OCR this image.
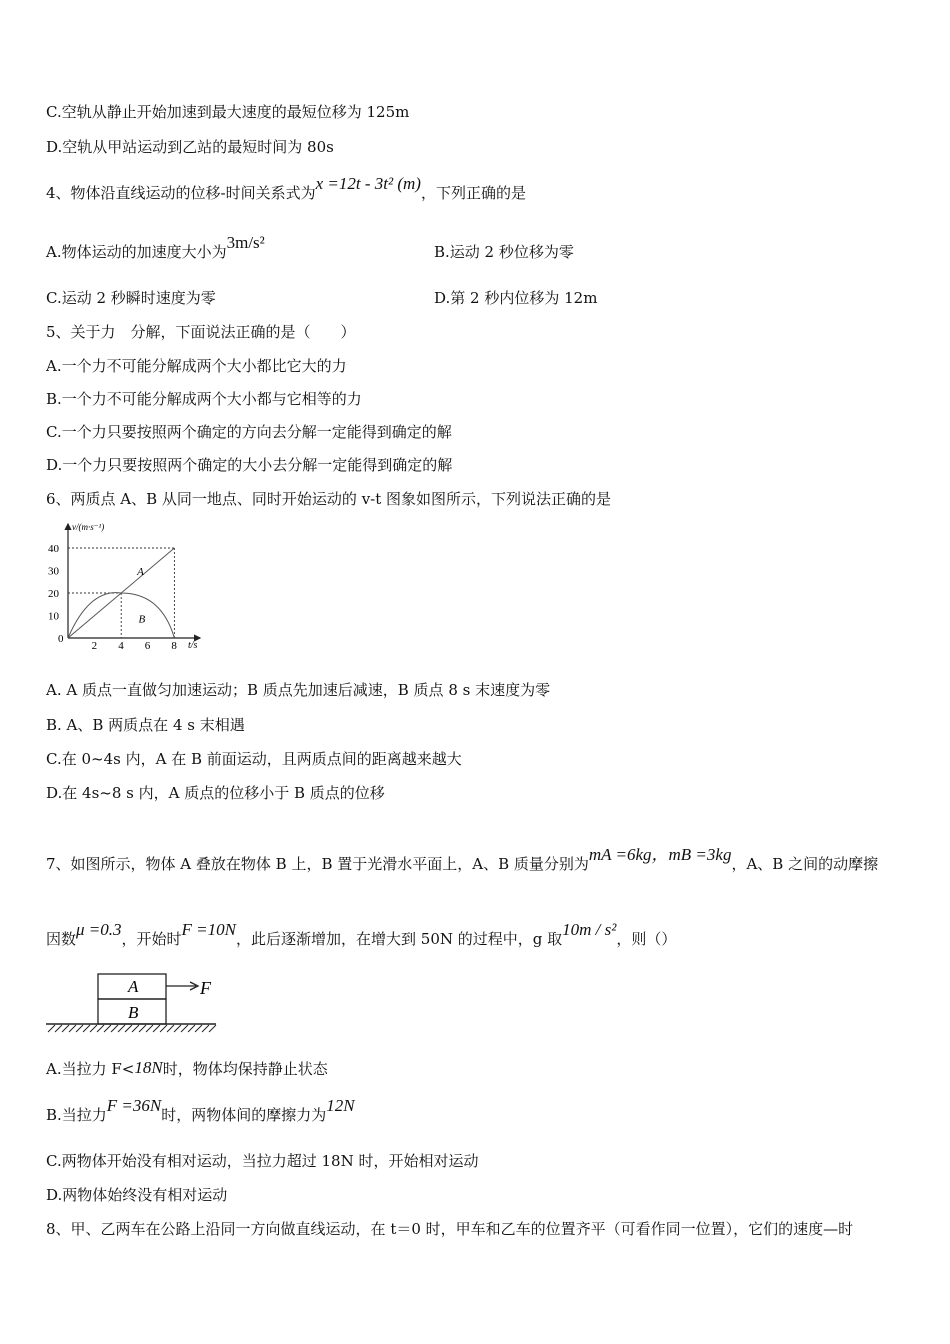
C.空轨从静止开始加速到最大速度的最短位移为 125m
D.空轨从甲站运动到乙站的最短时间为 80s
4、物体沿直线运动的位移-时间关系式为x =12t - 3t² (m)，下列正确的是
A.物体运动的加速度大小为3m/s²	B.运动 2 秒位移为零
C.运动 2 秒瞬时速度为零	D.第 2 秒内位移为 12m
5、关于力　分解，下面说法正确的是（　　）
A.一个力不可能分解成两个大小都比它大的力
B.一个力不可能分解成两个大小都与它相等的力
C.一个力只要按照两个确定的方向去分解一定能得到确定的解
D.一个力只要按照两个确定的大小去分解一定能得到确定的解
6、两质点 A、B 从同一地点、同时开始运动的 v-t 图象如图所示，下列说法正确的是
v/(m·s⁻¹)
t/s
10
20
30
40
0
2 4 6 8
A
B
A. A 质点一直做匀加速运动；B 质点先加速后减速，B 质点 8 s 末速度为零
B. A、B 两质点在 4 s 末相遇
C.在 0~4s 内，A 在 B 前面运动，且两质点间的距离越来越大
D.在 4s~8 s 内，A 质点的位移小于 B 质点的位移
7、如图所示，物体 A 叠放在物体 B 上，B 置于光滑水平面上，A、B 质量分别为mA =6kg，mB =3kg，A、B 之间的动摩擦
因数μ =0.3，开始时F =10N，此后逐渐增加，在增大到 50N 的过程中，g 取10m / s²，则（）
A
B
F
A.当拉力 F<18N时，物体均保持静止状态
B.当拉力F =36N时，两物体间的摩擦力为12N
C.两物体开始没有相对运动，当拉力超过 18N 时，开始相对运动
D.两物体始终没有相对运动
8、甲、乙两车在公路上沿同一方向做直线运动，在 t＝0 时，甲车和乙车的位置齐平（可看作同一位置），它们的速度—时
